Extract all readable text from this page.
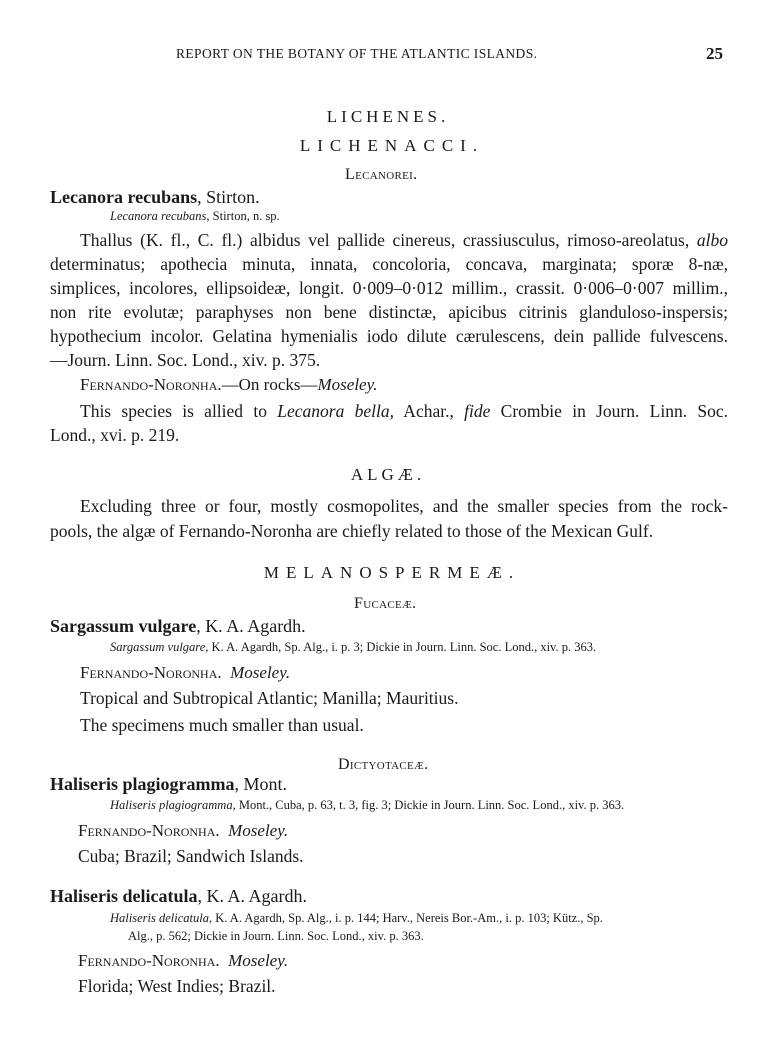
REPORT ON THE BOTANY OF THE ATLANTIC ISLANDS.	25
LICHENES.
LICHENACCI.
Lecanorei.
Lecanora recubans, Stirton.
Lecanora recubans, Stirton, n. sp.
Thallus (K. fl., C. fl.) albidus vel pallide cinereus, crassiusculus, rimoso-areolatus, albo
determinatus; apothecia minuta, innata, concoloria, concava, marginata; sporæ 8-næ,
simplices, incolores, ellipsoideæ, longit. 0·009–0·012 millim., crassit. 0·006–0·007 millim.,
non rite evolutæ; paraphyses non bene distinctæ, apicibus citrinis glanduloso-inspersis;
hypothecium incolor. Gelatina hymenialis iodo dilute cærulescens, dein pallide fulvescens.
—Journ. Linn. Soc. Lond., xiv. p. 375.
Fernando-Noronha.—On rocks—Moseley.
This species is allied to Lecanora bella, Achar., fide Crombie in Journ. Linn. Soc.
Lond., xvi. p. 219.
ALGÆ.
Excluding three or four, mostly cosmopolites, and the smaller species from the rock-
pools, the algæ of Fernando-Noronha are chiefly related to those of the Mexican Gulf.
MELANOSPERMEÆ.
Fucaceæ.
Sargassum vulgare, K. A. Agardh.
Sargassum vulgare, K. A. Agardh, Sp. Alg., i. p. 3; Dickie in Journ. Linn. Soc. Lond., xiv. p. 363.
Fernando-Noronha. Moseley.
Tropical and Subtropical Atlantic; Manilla; Mauritius.
The specimens much smaller than usual.
Dictyotaceæ.
Haliseris plagiogramma, Mont.
Haliseris plagiogramma, Mont., Cuba, p. 63, t. 3, fig. 3; Dickie in Journ. Linn. Soc. Lond., xiv. p. 363.
Fernando-Noronha. Moseley.
Cuba; Brazil; Sandwich Islands.
Haliseris delicatula, K. A. Agardh.
Haliseris delicatula, K. A. Agardh, Sp. Alg., i. p. 144; Harv., Nereis Bor.-Am., i. p. 103; Kütz., Sp.
Alg., p. 562; Dickie in Journ. Linn. Soc. Lond., xiv. p. 363.
Fernando-Noronha. Moseley.
Florida; West Indies; Brazil.
